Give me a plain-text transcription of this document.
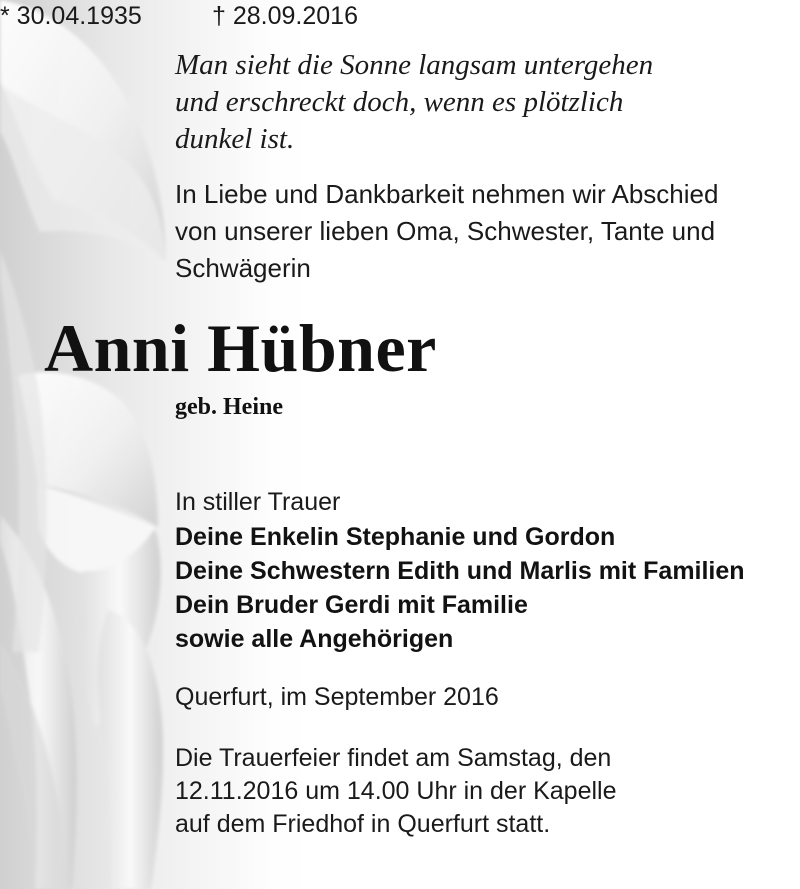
Man sieht die Sonne langsam untergehen
und erschreckt doch, wenn es plötzlich
dunkel ist.

In Liebe und Dankbarkeit nehmen wir Abschied
von unserer lieben Oma, Schwester, Tante und
Schwägerin

Anni Hübner

geb. Heine

* 30.04.1935	† 28.09.2016

In stiller Trauer

Deine Enkelin Stephanie und Gordon
Deine Schwestern Edith und Marlis mit Familien
Dein Bruder Gerdi mit Familie
sowie alle Angehörigen

Querfurt, im September 2016

Die Trauerfeier findet am Samstag, den
12.11.2016 um 14.00 Uhr in der Kapelle
auf dem Friedhof in Querfurt statt.
